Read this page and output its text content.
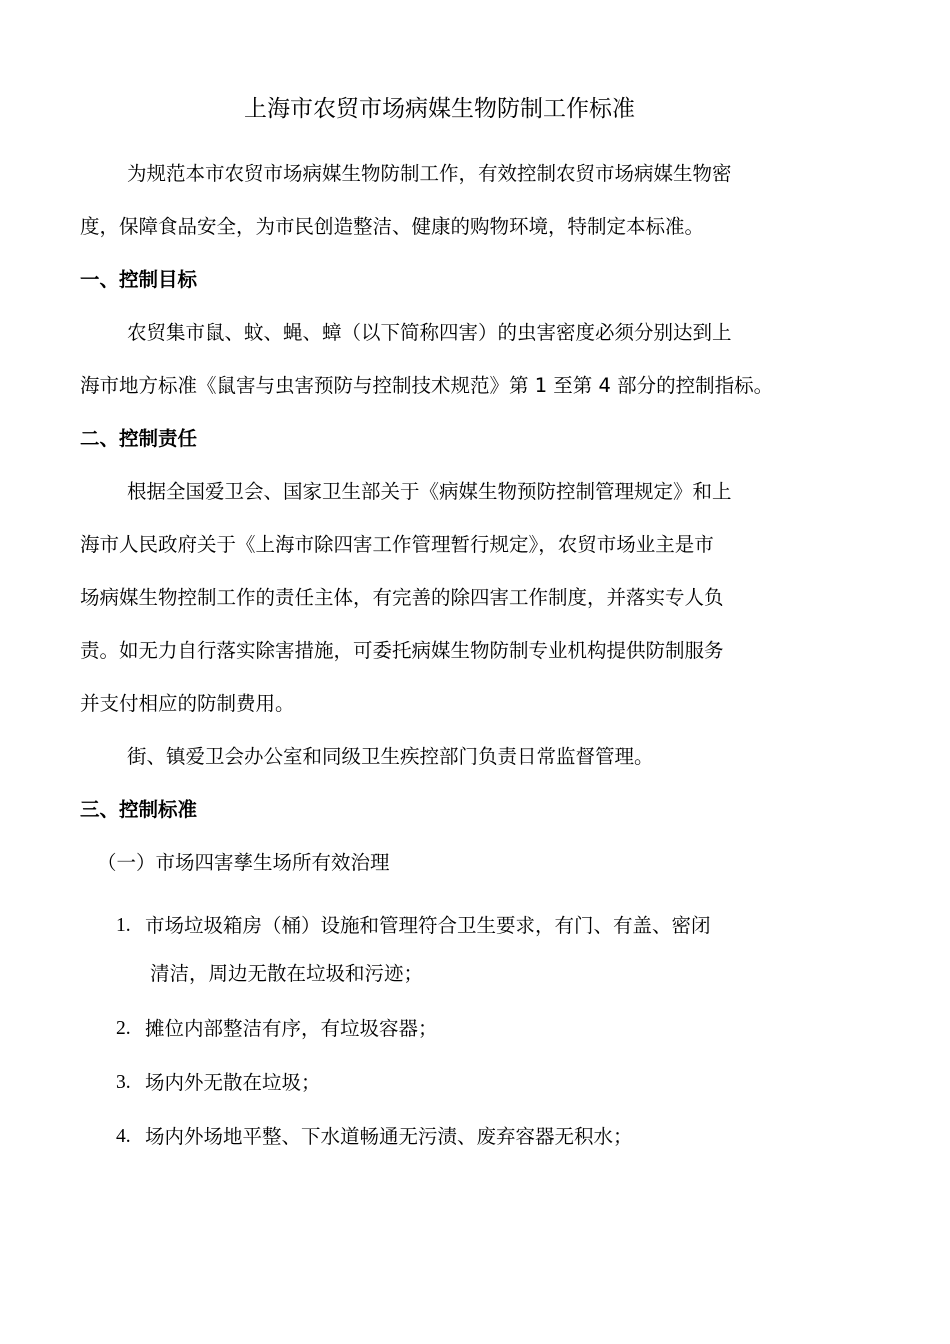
上海市农贸市场病媒生物防制工作标准
为规范本市农贸市场病媒生物防制工作，有效控制农贸市场病媒生物密
度，保障食品安全，为市民创造整洁、健康的购物环境，特制定本标准。
一、控制目标
农贸集市鼠、蚊、蝇、蟑（以下简称四害）的虫害密度必须分别达到上
海市地方标准《鼠害与虫害预防与控制技术规范》第 1 至第 4 部分的控制指标。
二、控制责任
根据全国爱卫会、国家卫生部关于《病媒生物预防控制管理规定》和上
海市人民政府关于《上海市除四害工作管理暂行规定》，农贸市场业主是市
场病媒生物控制工作的责任主体，有完善的除四害工作制度，并落实专人负
责。如无力自行落实除害措施，可委托病媒生物防制专业机构提供防制服务
并支付相应的防制费用。
街、镇爱卫会办公室和同级卫生疾控部门负责日常监督管理。
三、控制标准
（一）市场四害孳生场所有效治理
1. 市场垃圾箱房（桶）设施和管理符合卫生要求，有门、有盖、密闭
清洁，周边无散在垃圾和污迹；
2. 摊位内部整洁有序，有垃圾容器；
3. 场内外无散在垃圾；
4. 场内外场地平整、下水道畅通无污渍、废弃容器无积水；
